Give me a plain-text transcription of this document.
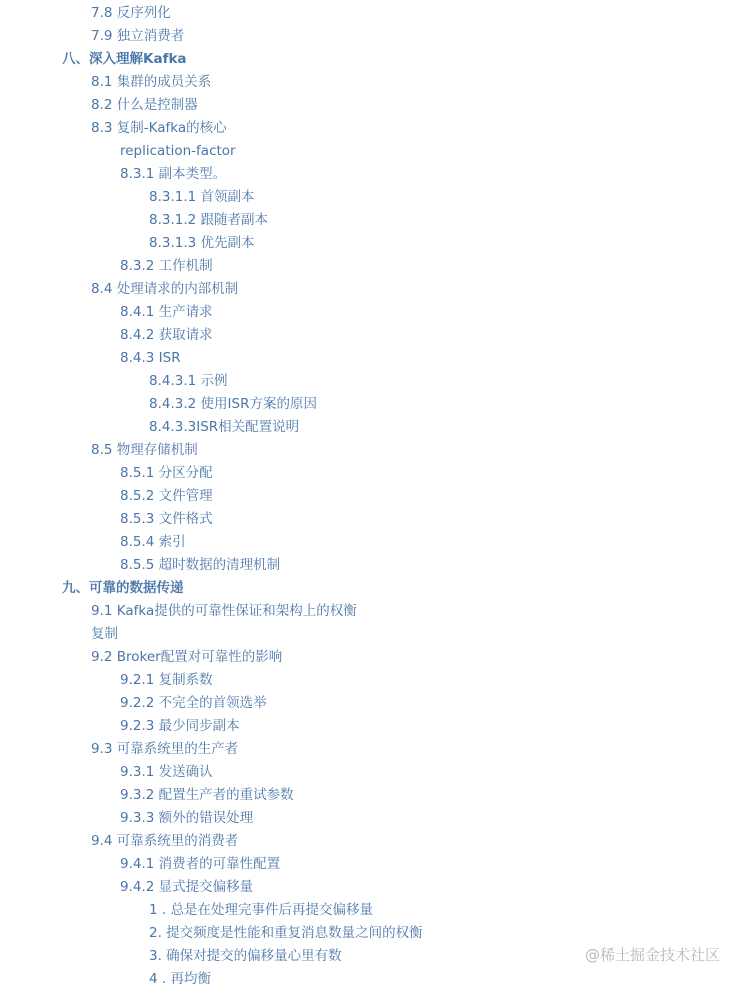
7.8 反序列化
7.9 独立消费者
八、深入理解Kafka
8.1 集群的成员关系
8.2 什么是控制器
8.3 复制-Kafka的核心
replication-factor
8.3.1 副本类型。
8.3.1.1 首领副本
8.3.1.2 跟随者副本
8.3.1.3 优先副本
8.3.2 工作机制
8.4 处理请求的内部机制
8.4.1 生产请求
8.4.2 获取请求
8.4.3 ISR
8.4.3.1 示例
8.4.3.2 使用ISR方案的原因
8.4.3.3ISR相关配置说明
8.5 物理存储机制
8.5.1 分区分配
8.5.2 文件管理
8.5.3 文件格式
8.5.4 索引
8.5.5 超时数据的清理机制
九、可靠的数据传递
9.1 Kafka提供的可靠性保证和架构上的权衡
复制
9.2 Broker配置对可靠性的影响
9.2.1 复制系数
9.2.2 不完全的首领选举
9.2.3 最少同步副本
9.3 可靠系统里的生产者
9.3.1 发送确认
9.3.2 配置生产者的重试参数
9.3.3 额外的错误处理
9.4 可靠系统里的消费者
9.4.1 消费者的可靠性配置
9.4.2 显式提交偏移量
1 . 总是在处理完事件后再提交偏移量
2. 提交频度是性能和重复消息数量之间的权衡
3. 确保对提交的偏移量心里有数
4 . 再均衡
@稀土掘金技术社区
